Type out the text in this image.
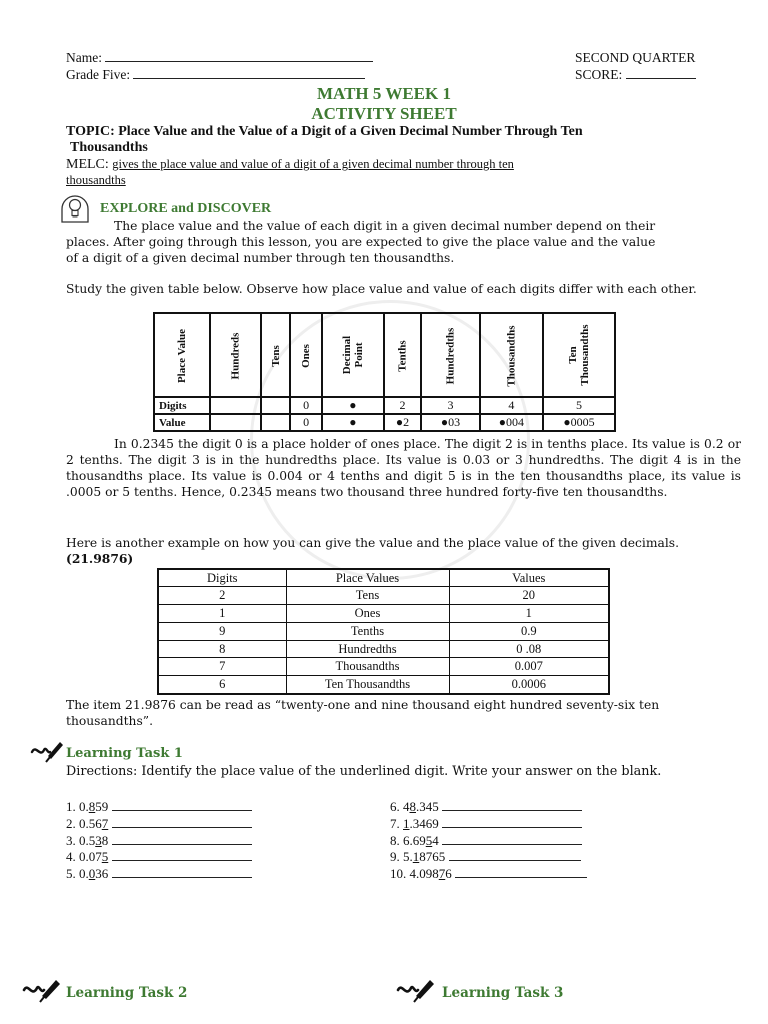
Name:
Grade Five:
SECOND QUARTER
SCORE:
MATH 5 WEEK 1
ACTIVITY SHEET
TOPIC: Place Value and the Value of a Digit of a Given Decimal Number Through Ten
Thousandths
MELC: gives the place value and value of a digit of a given decimal number through ten
thousandths
EXPLORE and DISCOVER
The place value and the value of each digit in a given decimal number depend on their places. After going through this lesson, you are expected to give the place value and the value of a digit of a given decimal number through ten thousandths.
Study the given table below. Observe how place value and value of each digits differ with each other.
Place Value	Hundreds	Tens	Ones	Decimal Point	Tenths	Hundredths	Thousandths	Ten Thousandths
Digits			0	●	2	3	4	5
Value			0	●	●2	●03	●004	●0005
In 0.2345 the digit 0 is a place holder of ones place. The digit 2 is in tenths place. Its value is 0.2 or 2 tenths. The digit 3 is in the hundredths place. Its value is 0.03 or 3 hundredths. The digit 4 is in the thousandths place. Its value is 0.004 or 4 tenths and digit 5 is in the ten thousandths place, its value is .0005 or 5 tenths. Hence, 0.2345 means two thousand three hundred forty-five ten thousandths.
Here is another example on how you can give the value and the place value of the given decimals. (21.9876)
Digits	Place Values	Values
2	Tens	20
1	Ones	1
9	Tenths	0.9
8	Hundredths	0 .08
7	Thousandths	0.007
6	Ten Thousandths	0.0006
The item 21.9876 can be read as “twenty-one and nine thousand eight hundred seventy-six ten thousandths”.
Learning Task 1
Directions: Identify the place value of the underlined digit. Write your answer on the blank.
1. 0.859
2. 0.567
3. 0.538
4. 0.075
5. 0.036
6. 48.345
7. 1.3469
8. 6.6954
9. 5.18765
10. 4.09876
Learning Task 2	Learning Task 3
